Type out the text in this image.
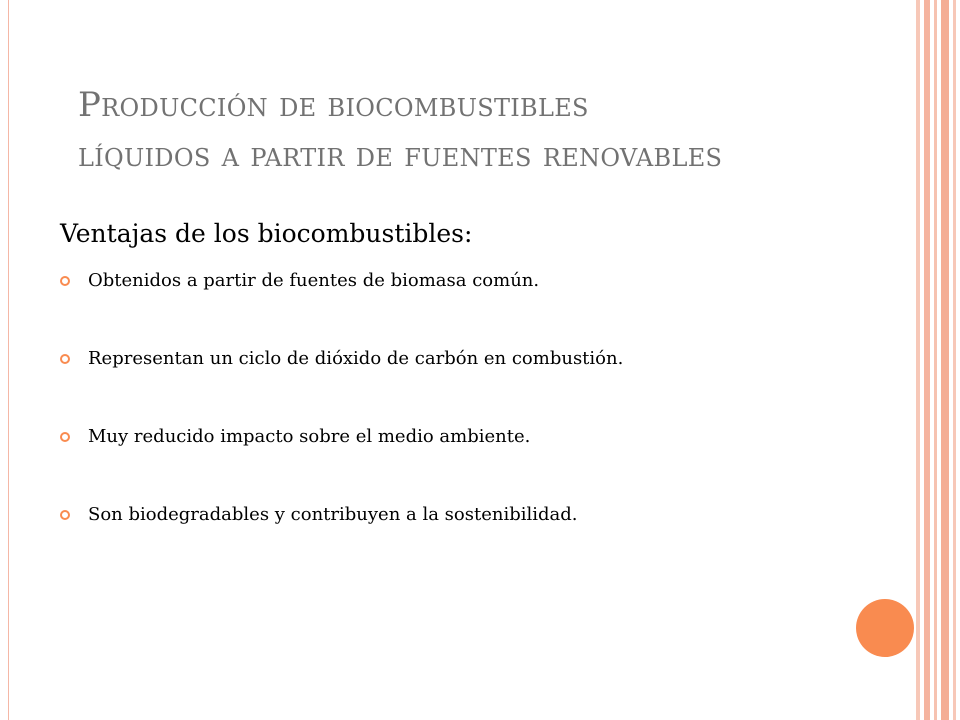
Producción de biocombustibles
líquidos a partir de fuentes renovables
Ventajas de los biocombustibles:
Obtenidos a partir de fuentes de biomasa común.
Representan un ciclo de dióxido de carbón en combustión.
Muy reducido impacto sobre el medio ambiente.
Son biodegradables y contribuyen a la sostenibilidad.
